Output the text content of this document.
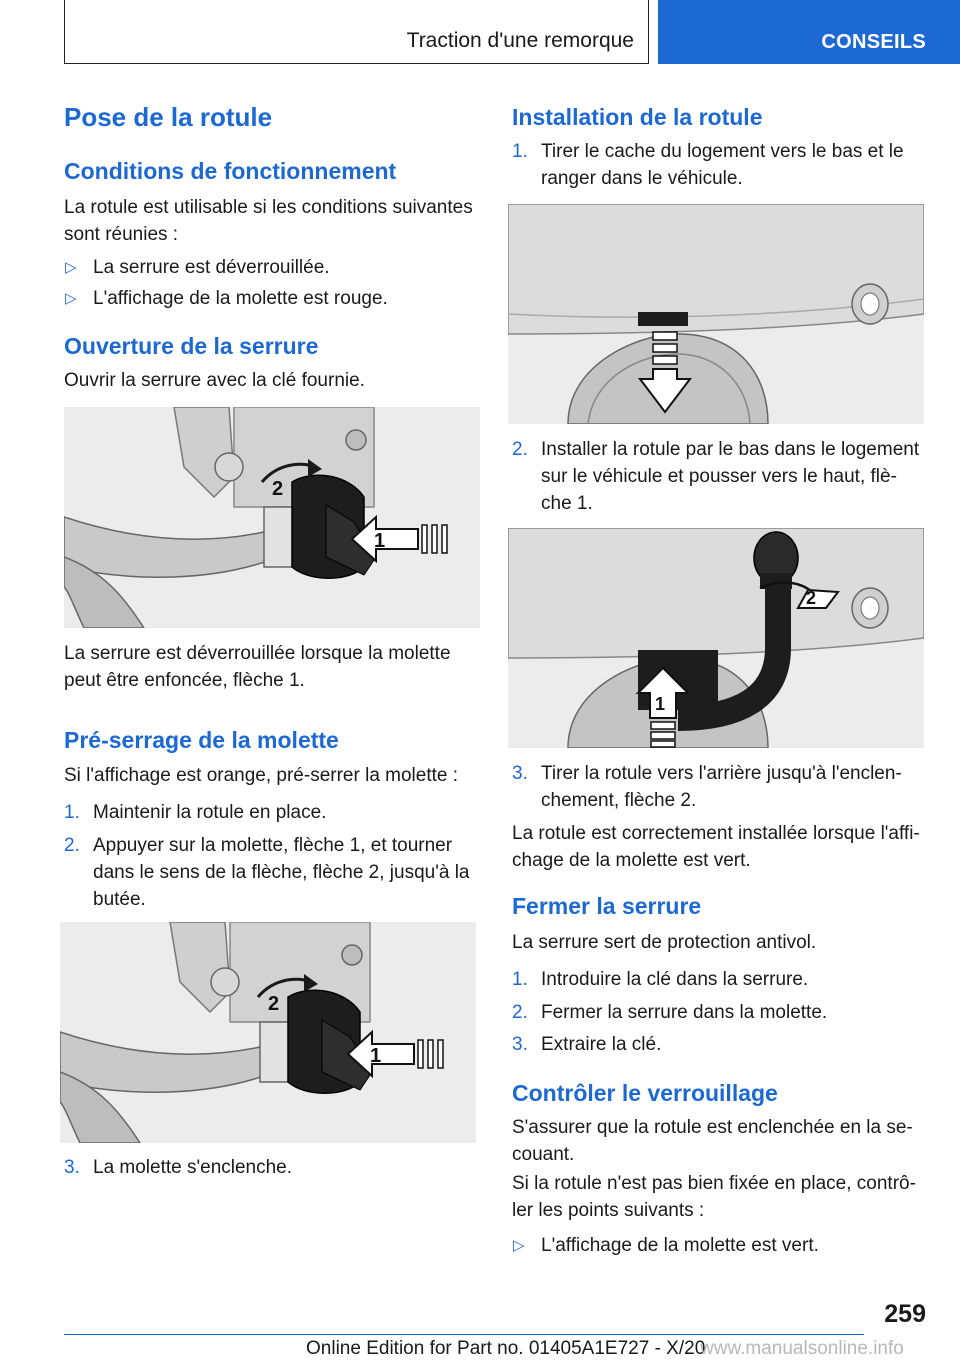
Traction d'une remorque	CONSEILS
Pose de la rotule
Conditions de fonctionnement
La rotule est utilisable si les conditions suivantes
sont réunies :
▷ La serrure est déverrouillée.
▷ L'affichage de la molette est rouge.
Ouverture de la serrure
Ouvrir la serrure avec la clé fournie.
2
1
La serrure est déverrouillée lorsque la molette
peut être enfoncée, flèche 1.
Pré-serrage de la molette
Si l'affichage est orange, pré-serrer la molette :
1. Maintenir la rotule en place.
2. Appuyer sur la molette, flèche 1, et tourner
dans le sens de la flèche, flèche 2, jusqu'à la
butée.
2
1
3. La molette s'enclenche.
Installation de la rotule
1. Tirer le cache du logement vers le bas et le
ranger dans le véhicule.
2. Installer la rotule par le bas dans le logement
sur le véhicule et pousser vers le haut, flè-
che 1.
2
1
3. Tirer la rotule vers l'arrière jusqu'à l'enclen-
chement, flèche 2.
La rotule est correctement installée lorsque l'affi-
chage de la molette est vert.
Fermer la serrure
La serrure sert de protection antivol.
1. Introduire la clé dans la serrure.
2. Fermer la serrure dans la molette.
3. Extraire la clé.
Contrôler le verrouillage
S'assurer que la rotule est enclenchée en la se-
couant.
Si la rotule n'est pas bien fixée en place, contrô-
ler les points suivants :
▷ L'affichage de la molette est vert.
259
Online Edition for Part no. 01405A1E727 - X/20
www.manualsonline.info
